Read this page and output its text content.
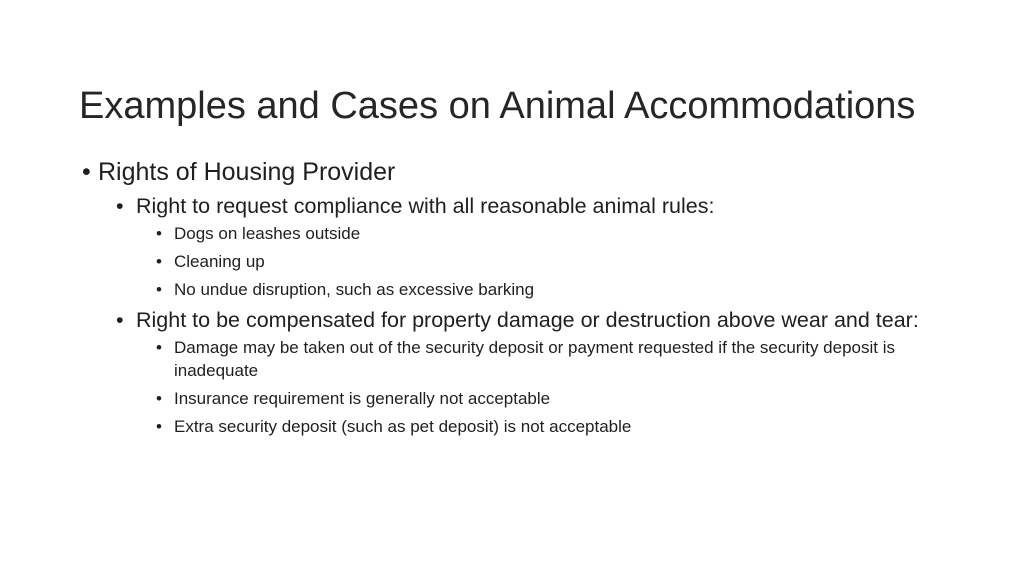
Examples and Cases on Animal Accommodations
• Rights of Housing Provider
• Right to request compliance with all reasonable animal rules:
• Dogs on leashes outside
• Cleaning up
• No undue disruption, such as excessive barking
• Right to be compensated for property damage or destruction above wear and tear:
• Damage may be taken out of the security deposit or payment requested if the security deposit is inadequate
• Insurance requirement is generally not acceptable
• Extra security deposit (such as pet deposit) is not acceptable
